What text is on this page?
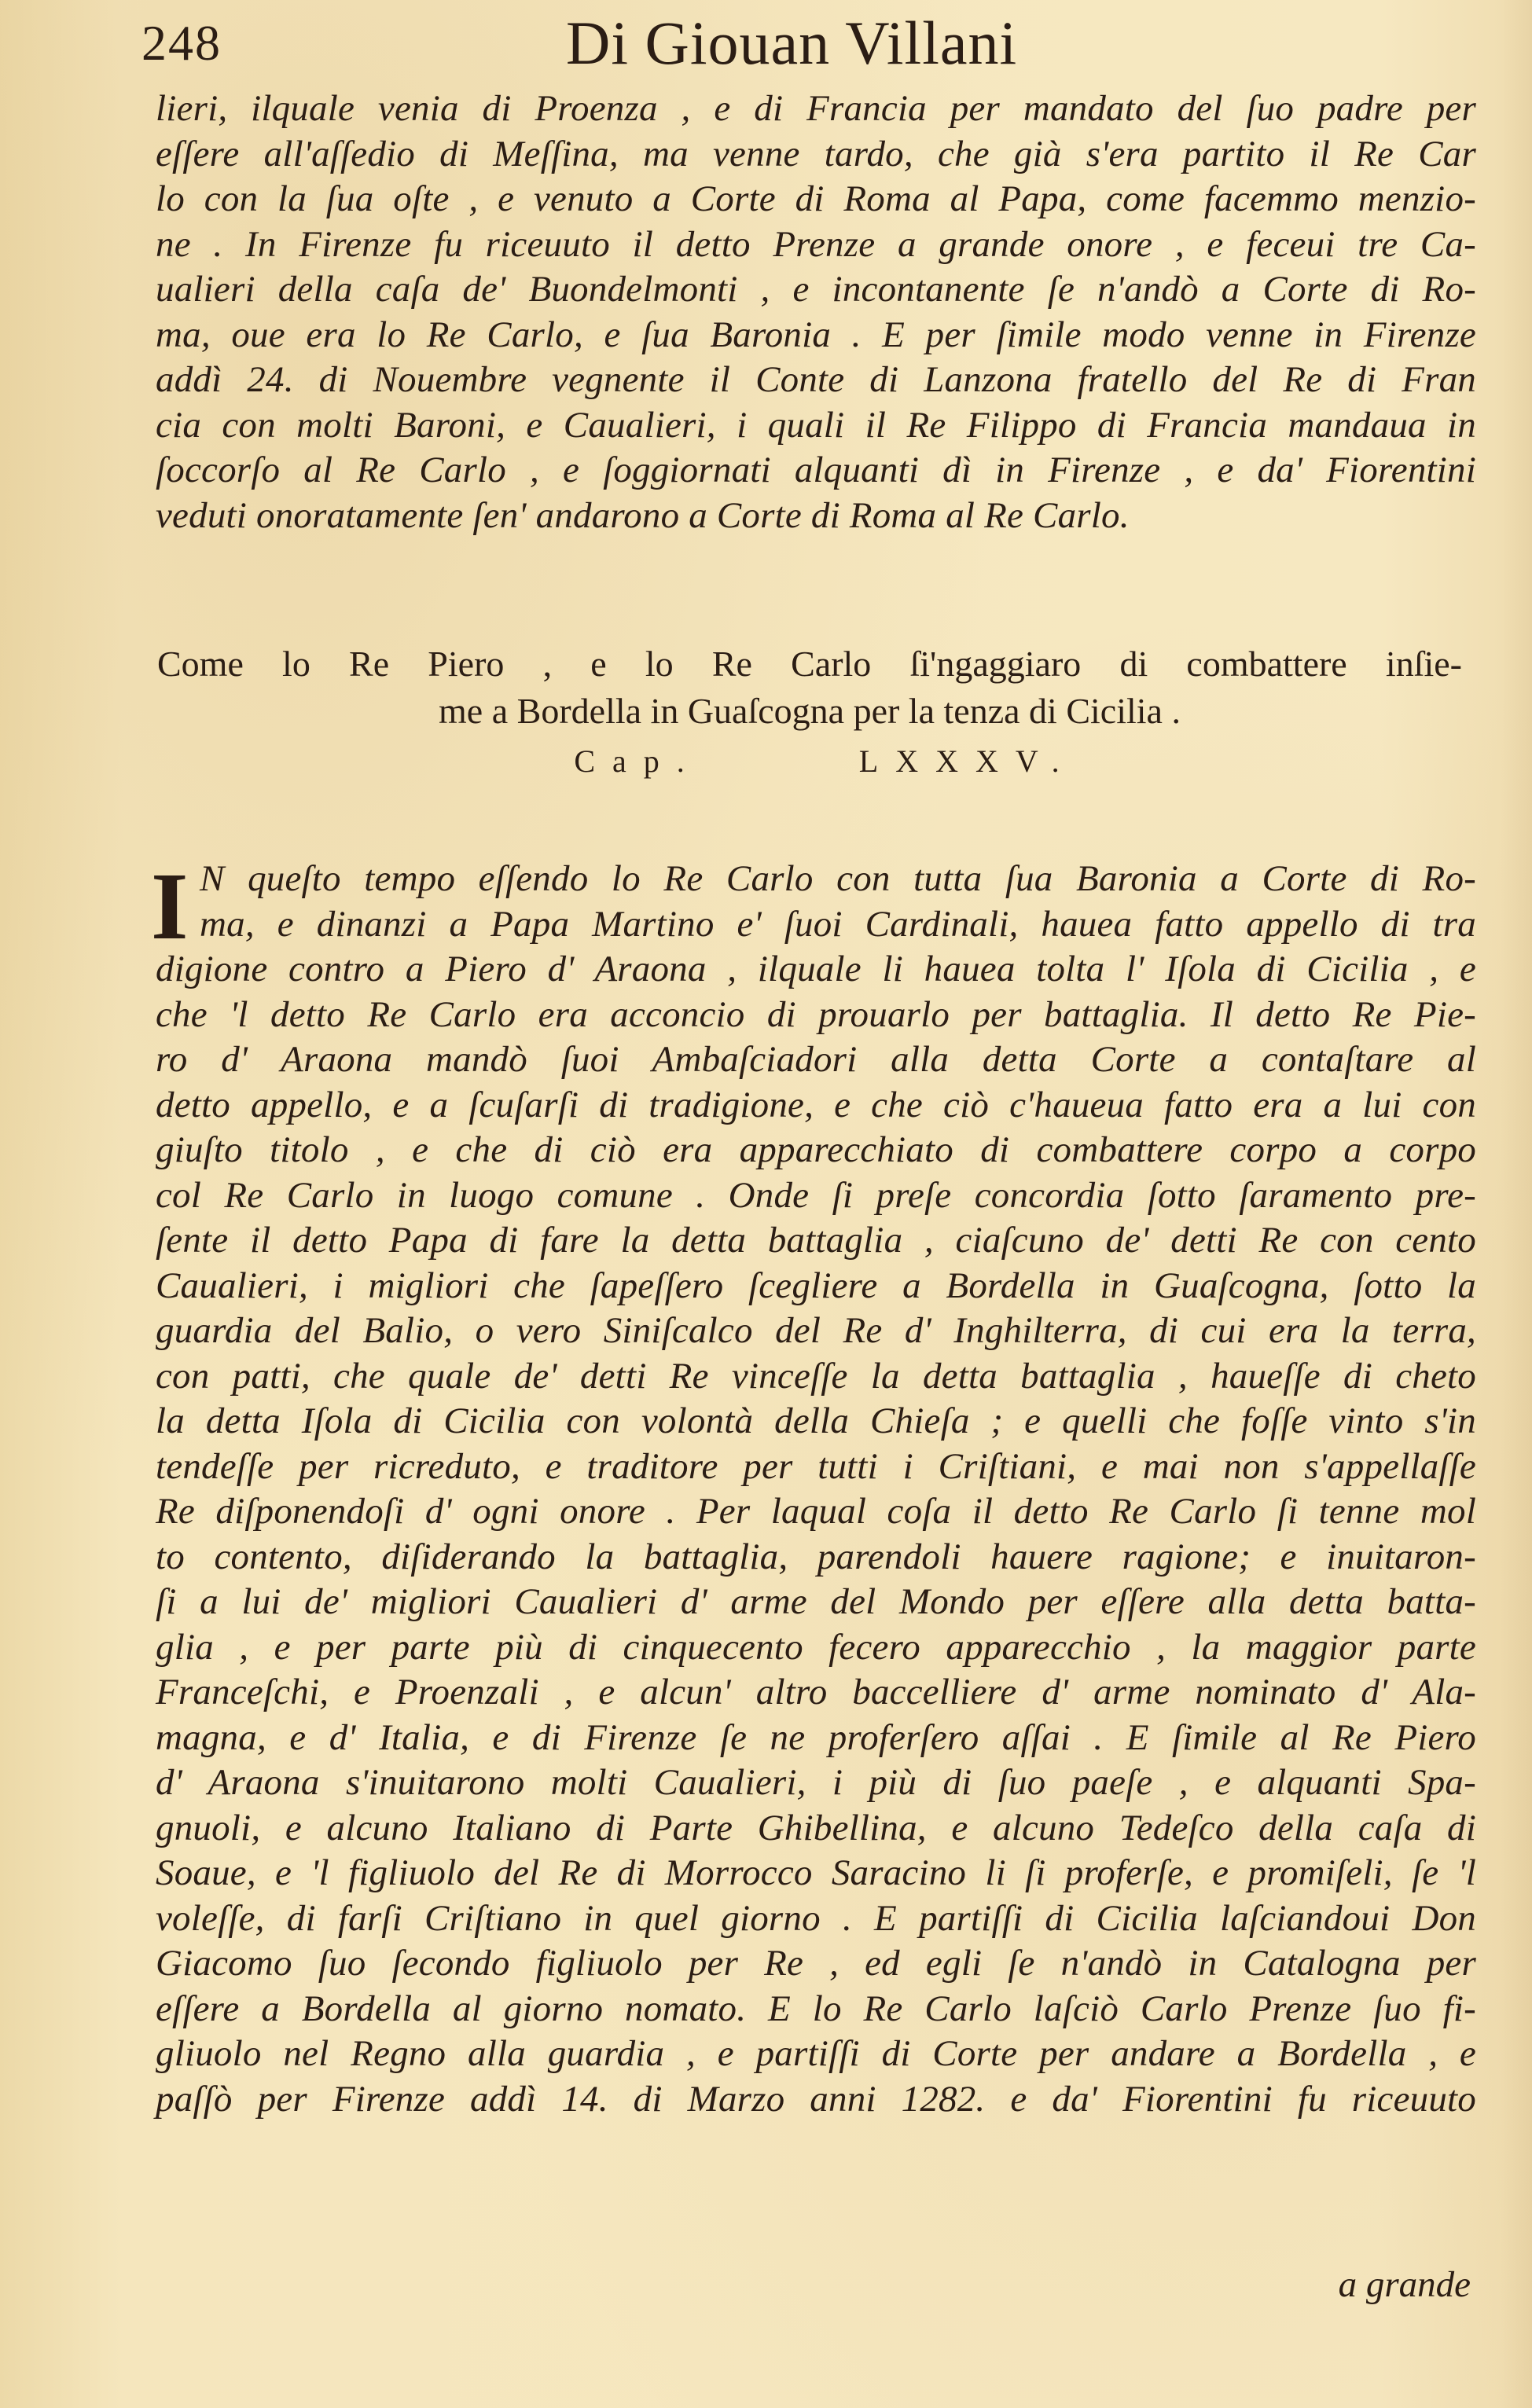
248	Di Giouan Villani
lieri, ilquale venia di Proenza , e di Francia per mandato del ſuo padre per
eſſere all'aſſedio di Meſſina, ma venne tardo, che già s'era partito il Re Car
lo con la ſua oſte , e venuto a Corte di Roma al Papa, come facemmo menzio-
ne . In Firenze fu riceuuto il detto Prenze a grande onore , e feceui tre Ca-
ualieri della caſa de' Buondelmonti , e incontanente ſe n'andò a Corte di Ro-
ma, oue era lo Re Carlo, e ſua Baronia . E per ſimile modo venne in Firenze
addì 24. di Nouembre vegnente il Conte di Lanzona fratello del Re di Fran
cia con molti Baroni, e Caualieri, i quali il Re Filippo di Francia mandaua in
ſoccorſo al Re Carlo , e ſoggiornati alquanti dì in Firenze , e da' Fiorentini
veduti onoratamente ſen' andarono a Corte di Roma al Re Carlo.
Come lo Re Piero , e lo Re Carlo ſi'ngaggiaro di combattere inſie-
me a Bordella in Guaſcogna per la tenza di Cicilia .
Cap.	LXXXV.
I N queſto tempo eſſendo lo Re Carlo con tutta ſua Baronia a Corte di Ro-
ma, e dinanzi a Papa Martino e' ſuoi Cardinali, hauea fatto appello di tra
digione contro a Piero d' Araona , ilquale li hauea tolta l' Iſola di Cicilia , e
che 'l detto Re Carlo era acconcio di prouarlo per battaglia. Il detto Re Pie-
ro d' Araona mandò ſuoi Ambaſciadori alla detta Corte a contaſtare al
detto appello, e a ſcuſarſi di tradigione, e che ciò c'haueua fatto era a lui con
giuſto titolo , e che di ciò era apparecchiato di combattere corpo a corpo
col Re Carlo in luogo comune . Onde ſi preſe concordia ſotto ſaramento pre-
ſente il detto Papa di fare la detta battaglia , ciaſcuno de' detti Re con cento
Caualieri, i migliori che ſapeſſero ſcegliere a Bordella in Guaſcogna, ſotto la
guardia del Balio, o vero Siniſcalco del Re d' Inghilterra, di cui era la terra,
con patti, che quale de' detti Re vinceſſe la detta battaglia , haueſſe di cheto
la detta Iſola di Cicilia con volontà della Chieſa ; e quelli che foſſe vinto s'in
tendeſſe per ricreduto, e traditore per tutti i Criſtiani, e mai non s'appellaſſe
Re diſponendoſi d' ogni onore . Per laqual coſa il detto Re Carlo ſi tenne mol
to contento, diſiderando la battaglia, parendoli hauere ragione; e inuitaron-
ſi a lui de' migliori Caualieri d' arme del Mondo per eſſere alla detta batta-
glia , e per parte più di cinquecento fecero apparecchio , la maggior parte
Franceſchi, e Proenzali , e alcun' altro baccelliere d' arme nominato d' Ala-
magna, e d' Italia, e di Firenze ſe ne proferſero aſſai . E ſimile al Re Piero
d' Araona s'inuitarono molti Caualieri, i più di ſuo paeſe , e alquanti Spa-
gnuoli, e alcuno Italiano di Parte Ghibellina, e alcuno Tedeſco della caſa di
Soaue, e 'l figliuolo del Re di Morrocco Saracino li ſi proferſe, e promiſeli, ſe 'l
voleſſe, di farſi Criſtiano in quel giorno . E partiſſi di Cicilia laſciandoui Don
Giacomo ſuo ſecondo figliuolo per Re , ed egli ſe n'andò in Catalogna per
eſſere a Bordella al giorno nomato. E lo Re Carlo laſciò Carlo Prenze ſuo fi-
gliuolo nel Regno alla guardia , e partiſſi di Corte per andare a Bordella , e
paſſò per Firenze addì 14. di Marzo anni 1282. e da' Fiorentini fu riceuuto
a grande
